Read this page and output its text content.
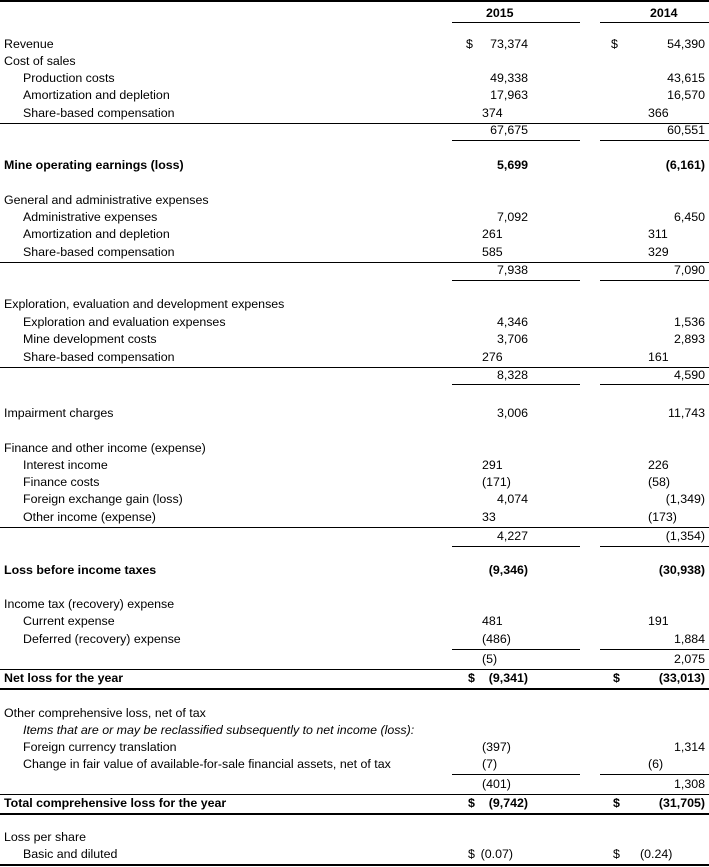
2015	2014
Revenue	$ 73,374	$	54,390
Cost of sales
Production costs	49,338	43,615
Amortization and depletion	17,963	16,570
Share-based compensation	374	366
67,675	60,551
Mine operating earnings (loss)	5,699	(6,161)
General and administrative expenses
Administrative expenses	7,092	6,450
Amortization and depletion	261	311
Share-based compensation	585	329
7,938	7,090
Exploration, evaluation and development expenses
Exploration and evaluation expenses	4,346	1,536
Mine development costs	3,706	2,893
Share-based compensation	276	161
8,328	4,590
Impairment charges	3,006	11,743
Finance and other income (expense)
Interest income	291	226
Finance costs	(171)	(58)
Foreign exchange gain (loss)	4,074	(1,349)
Other income (expense)	33	(173)
4,227	(1,354)
Loss before income taxes	(9,346)	(30,938)
Income tax (recovery) expense
Current expense	481	191
Deferred (recovery) expense	(486)	1,884
(5)	2,075
Net loss for the year	$ (9,341)	$	(33,013)
Other comprehensive loss, net of tax
Items that are or may be reclassified subsequently to net income (loss):
Foreign currency translation	(397)	1,314
Change in fair value of available-for-sale financial assets, net of tax	(7)	(6)
(401)	1,308
Total comprehensive loss for the year	$ (9,742)	$	(31,705)
Loss per share
Basic and diluted	$ (0.07)	$ (0.24)
